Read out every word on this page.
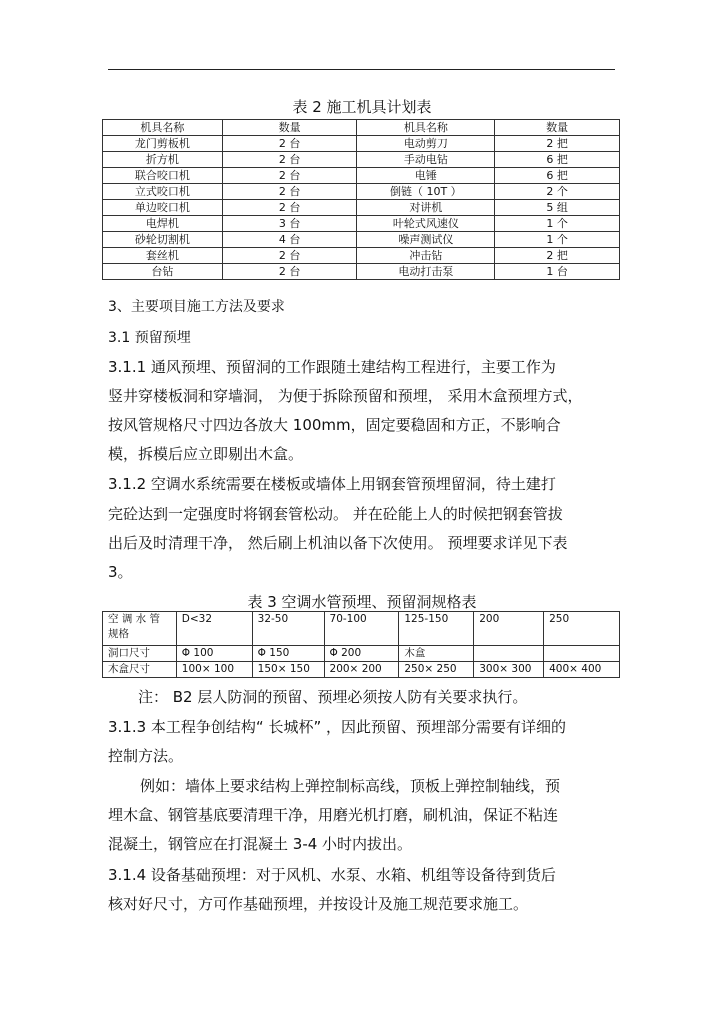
表 2 施工机具计划表
机具名称	数量	机具名称	数量
龙门剪板机	2 台	电动剪刀	2 把
折方机	2 台	手动电钻	6 把
联合咬口机	2 台	电锤	6 把
立式咬口机	2 台	倒链（ 10T ）	2 个
单边咬口机	2 台	对讲机	5 组
电焊机	3 台	叶轮式风速仪	1 个
砂轮切割机	4 台	噪声测试仪	1 个
套丝机	2 台	冲击钻	2 把
台钻	2 台	电动打击泵	1 台
3、主要项目施工方法及要求
3.1 预留预埋
3.1.1 通风预埋、预留洞的工作跟随土建结构工程进行，主要工作为
竖井穿楼板洞和穿墙洞， 为便于拆除预留和预埋， 采用木盒预埋方式，
按风管规格尺寸四边各放大 100mm，固定要稳固和方正，不影响合
模，拆模后应立即剔出木盒。
3.1.2 空调水系统需要在楼板或墙体上用钢套管预埋留洞，待土建打
完砼达到一定强度时将钢套管松动。 并在砼能上人的时候把钢套管拔
出后及时清理干净， 然后刷上机油以备下次使用。 预埋要求详见下表
3。
表 3 空调水管预埋、预留洞规格表
空 调 水 管
规格	D<32	32-50	70-100	125-150	200	250
洞口尺寸	Φ 100	Φ 150	Φ 200	木盒		
木盒尺寸	100× 100	150× 150	200× 200	250× 250	300× 300	400× 400
注： B2 层人防洞的预留、预埋必须按人防有关要求执行。
3.1.3 本工程争创结构“ 长城杯” ，因此预留、预埋部分需要有详细的
控制方法。
例如：墙体上要求结构上弹控制标高线，顶板上弹控制轴线，预
埋木盒、钢管基底要清理干净，用磨光机打磨，刷机油，保证不粘连
混凝土，钢管应在打混凝土 3-4 小时内拔出。
3.1.4 设备基础预埋：对于风机、水泵、水箱、机组等设备待到货后
核对好尺寸，方可作基础预埋，并按设计及施工规范要求施工。
